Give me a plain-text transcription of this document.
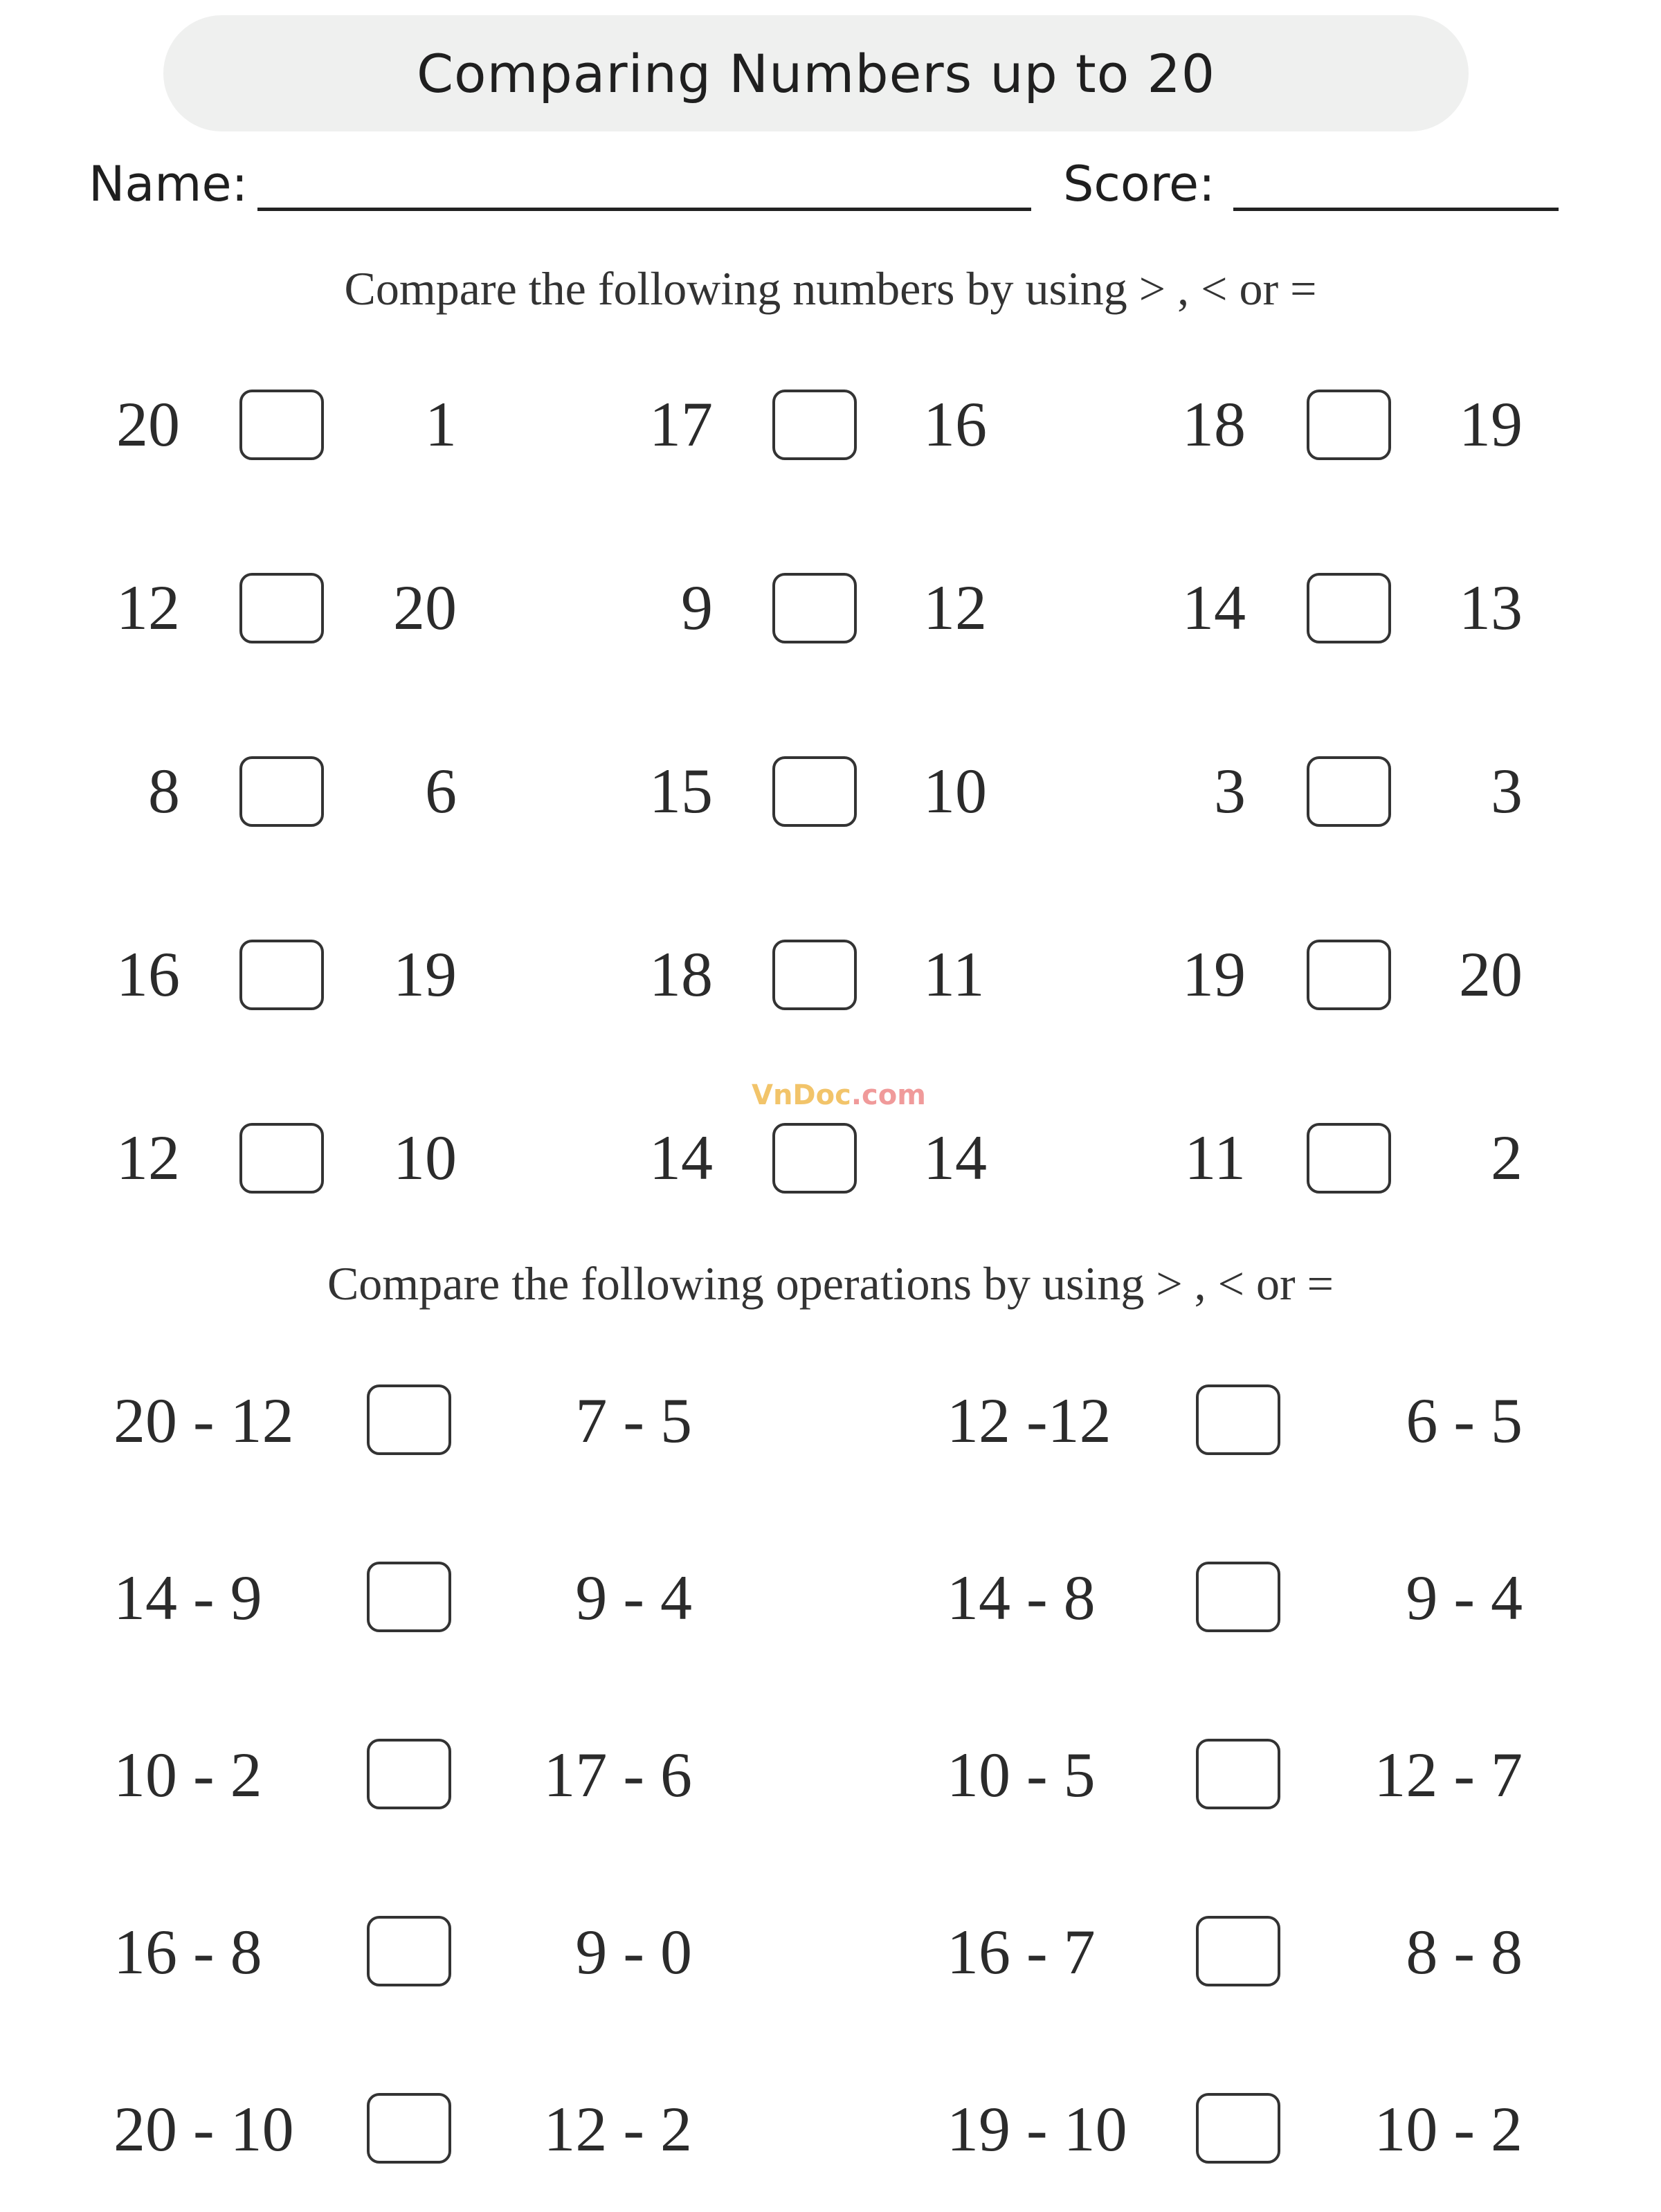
Comparing Numbers up to 20
Name:	Score:
Compare the following numbers by using > , < or =
20	1	17	16	18	19
12	20	9	12	14	13
8	6	15	10	3	3
16	19	18	11	19	20
VnDoc.com
12	10	14	14	11	2
Compare the following operations by using > , < or =
20 - 12	7 - 5	12 -12	6 - 5
14 - 9	9 - 4	14 - 8	9 - 4
10 - 2	17 - 6	10 - 5	12 - 7
16 - 8	9 - 0	16 - 7	8 - 8
20 - 10	12 - 2	19 - 10	10 - 2
